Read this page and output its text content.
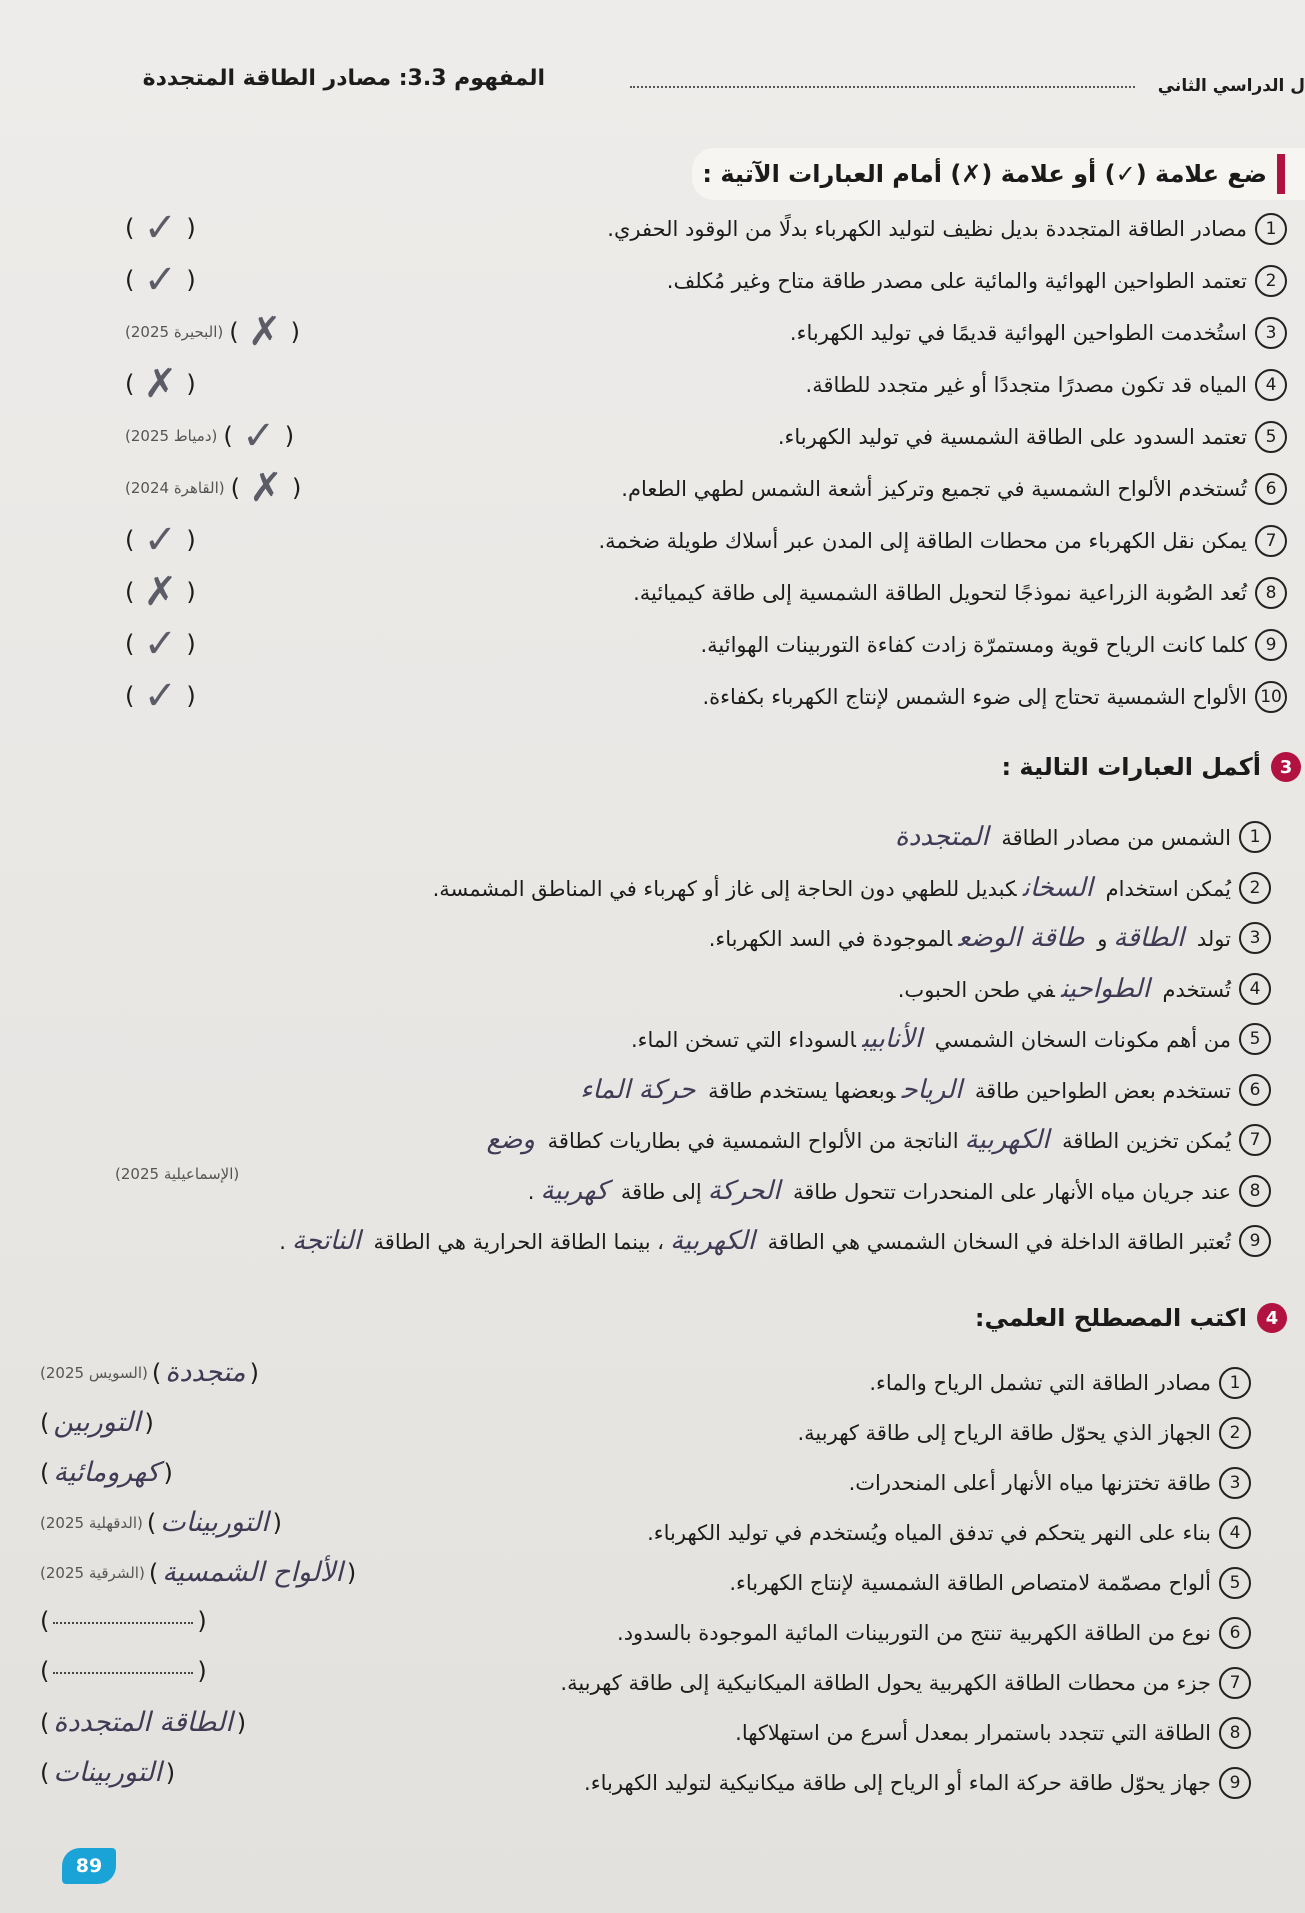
المفهوم 3.3: مصادر الطاقة المتجددة	ل الدراسي الثاني
ضع علامة (✓) أو علامة (✗) أمام العبارات الآتية :
1
مصادر الطاقة المتجددة بديل نظيف لتوليد الكهرباء بدلًا من الوقود الحفري.
(
✓
)
2
تعتمد الطواحين الهوائية والمائية على مصدر طاقة متاح وغير مُكلف.
(
✓
)
3
استُخدمت الطواحين الهوائية قديمًا في توليد الكهرباء.
(
✗
)
(البحيرة 2025)
4
المياه قد تكون مصدرًا متجددًا أو غير متجدد للطاقة.
(
✗
)
5
تعتمد السدود على الطاقة الشمسية في توليد الكهرباء.
(
✓
)
(دمياط 2025)
6
تُستخدم الألواح الشمسية في تجميع وتركيز أشعة الشمس لطهي الطعام.
(
✗
)
(القاهرة 2024)
7
يمكن نقل الكهرباء من محطات الطاقة إلى المدن عبر أسلاك طويلة ضخمة.
(
✓
)
8
تُعد الصُوبة الزراعية نموذجًا لتحويل الطاقة الشمسية إلى طاقة كيميائية.
(
✗
)
9
كلما كانت الرياح قوية ومستمرّة زادت كفاءة التوربينات الهوائية.
(
✓
)
10
الألواح الشمسية تحتاج إلى ضوء الشمس لإنتاج الكهرباء بكفاءة.
(
✓
)
3
أكمل العبارات التالية :
1
الشمس من مصادر الطاقة المتجددة
2
يُمكن استخدام السخانكبديل للطهي دون الحاجة إلى غاز أو كهرباء في المناطق المشمسة.
3
تولد الطاقةو طاقة الوضعالموجودة في السد الكهرباء.
4
تُستخدم الطواحينفي طحن الحبوب.
5
من أهم مكونات السخان الشمسي الأنابيبالسوداء التي تسخن الماء.
6
تستخدم بعض الطواحين طاقة الرياحوبعضها يستخدم طاقة حركة الماء
7
يُمكن تخزين الطاقة الكهربيةالناتجة من الألواح الشمسية في بطاريات كطاقة وضع
8
عند جريان مياه الأنهار على المنحدرات تتحول طاقة الحركةإلى طاقة كهربية.
(الإسماعيلية 2025)
9
تُعتبر الطاقة الداخلة في السخان الشمسي هي الطاقة الكهربية، بينما الطاقة الحرارية هي الطاقة الناتجة.
4
اكتب المصطلح العلمي:
1
مصادر الطاقة التي تشمل الرياح والماء.
(
متجددة
)
(السويس 2025)
2
الجهاز الذي يحوّل طاقة الرياح إلى طاقة كهربية.
(
التوربين
)
3
طاقة تختزنها مياه الأنهار أعلى المنحدرات.
(
كهرومائية
)
4
بناء على النهر يتحكم في تدفق المياه ويُستخدم في توليد الكهرباء.
(
التوربينات
)
(الدقهلية 2025)
5
ألواح مصمّمة لامتصاص الطاقة الشمسية لإنتاج الكهرباء.
(
الألواح الشمسية
)
(الشرقية 2025)
6
نوع من الطاقة الكهربية تنتج من التوربينات المائية الموجودة بالسدود.
(
)
7
جزء من محطات الطاقة الكهربية يحول الطاقة الميكانيكية إلى طاقة كهربية.
(
)
8
الطاقة التي تتجدد باستمرار بمعدل أسرع من استهلاكها.
(
الطاقة المتجددة
)
9
جهاز يحوّل طاقة حركة الماء أو الرياح إلى طاقة ميكانيكية لتوليد الكهرباء.
(
التوربينات
)
89
